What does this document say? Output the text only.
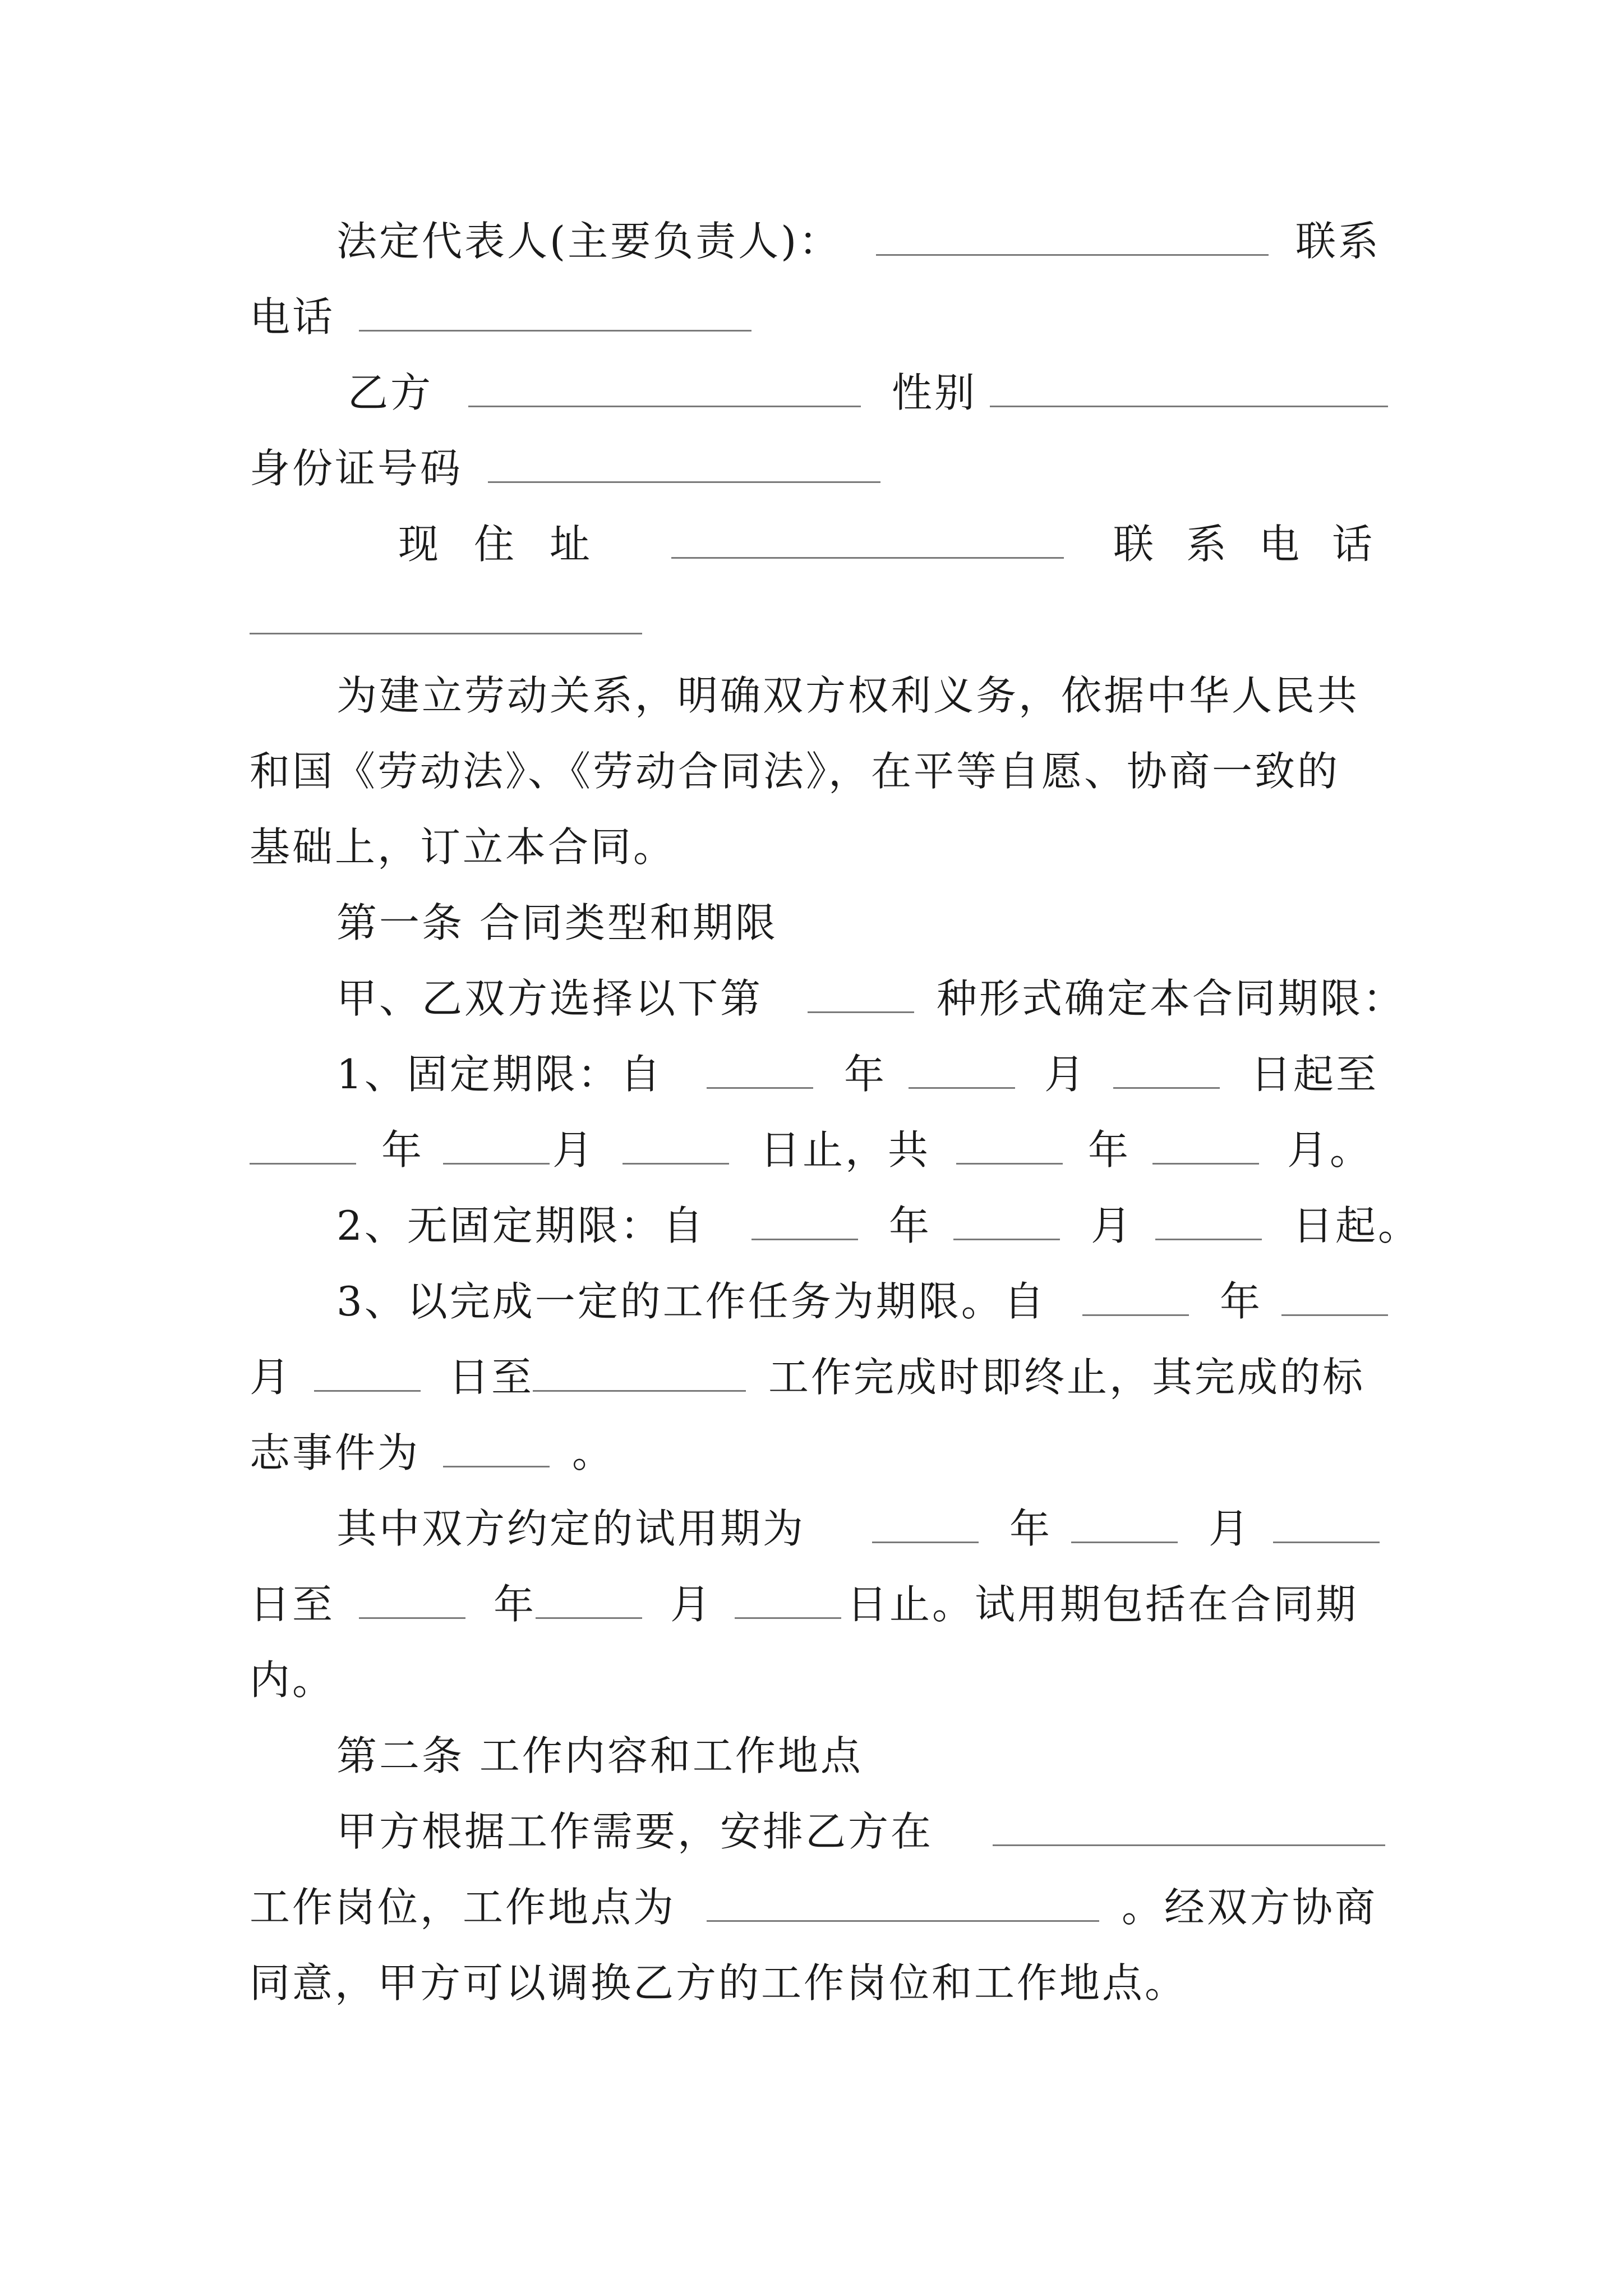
法定代表人(主要负责人)：	联系
电话
乙方	性别
身份证号码
现 住 址	联 系 电 话
为建立劳动关系，明确双方权利义务，依据中华人民共
和国《劳动法》、《劳动合同法》，在平等自愿、协商一致的
基础上，订立本合同。
第一条 合同类型和期限
甲、乙双方选择以下第	种形式确定本合同期限：
1、固定期限：自	年	月	日起至
年	月	日止，共	年	月。
2、无固定期限：自	年	月	日起。
3、以完成一定的工作任务为期限。自	年
月	日至	工作完成时即终止，其完成的标
志事件为	。
其中双方约定的试用期为	年	月
日至	年	月	日止。试用期包括在合同期
内。
第二条 工作内容和工作地点
甲方根据工作需要，安排乙方在
工作岗位，工作地点为	。经双方协商
同意，甲方可以调换乙方的工作岗位和工作地点。
